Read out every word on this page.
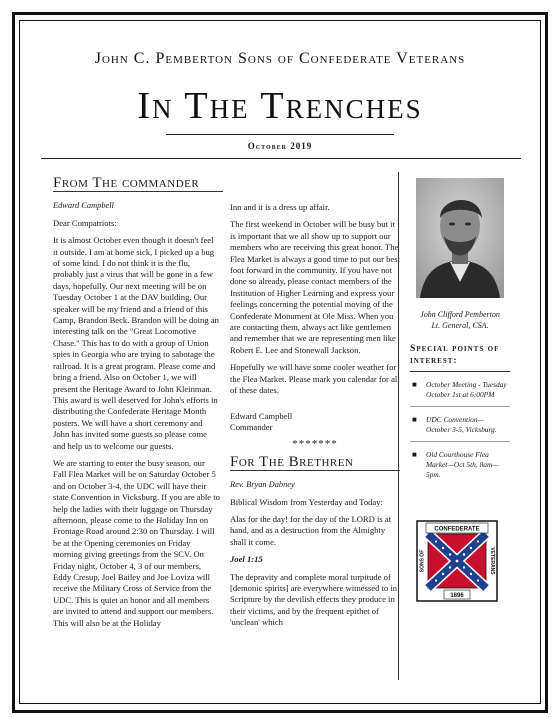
John C. Pemberton Sons of Confederate Veterans
In The Trenches
October 2019
From The commander

Edward Campbell

Dear Compatriots:

It is almost October even though it doesn't feel it outside. I am at home sick, I picked up a bug of some kind. I do not think it is the flu, probably just a virus that will be gone in a few days, hopefully. Our next meeting will be on Tuesday October 1 at the DAV building. Our speaker will be my friend and a friend of this Camp, Brandon Beck. Brandon will be doing an interesting talk on the "Great Locomotive Chase." This has to do with a group of Union spies in Georgia who are trying to sabotage the railroad. It is a great program. Please come and bring a friend. Also on October 1, we will present the Heritage Award to John Kleinman. This award is well deserved for John's efforts in distributing the Confederate Heritage Month posters. We will have a short ceremony and John has invited some guests so please come and help us to welcome our guests.

We are starting to enter the busy season, our Fall Flea Market will be on Saturday October 5 and on October 3-4, the UDC will have their state Convention in Vicksburg. If you are able to help the ladies with their luggage on Thursday afternoon, please come to the Holiday Inn on Frontage Road around 2:30 on Thursday. I will be at the Opening ceremonies on Friday morning giving greetings from the SCV. On Friday night, October 4, 3 of our members, Eddy Cresup, Joel Bailey and Joe Loviza will receive the Military Cross of Service from the UDC. This is quiet an honor and all members are invited to attend and support our members. This will also be at the Holiday

Inn and it is a dress up affair.

The first weekend in October will be busy but it is important that we all show up to support our members who are receiving this great honor. The Flea Market is always a good time to put our best foot forward in the community. If you have not done so already, please contact members of the Institution of Higher Learning and express your feelings concerning the potential moving of the Confederate Monument at Ole Miss. When you are contacting them, always act like gentlemen and remember that we are representing men like Robert E. Lee and Stonewall Jackson.

Hopefully we will have some cooler weather for the Flea Market. Please mark you calendar for all of these dates.

Edward Campbell

Commander

*******
For The Brethren

Rev. Bryan Dabney

Biblical Wisdom from Yesterday and Today:

Alas for the day! for the day of the LORD is at hand, and as a destruction from the Almighty shall it come.

Joel 1:15

The depravity and complete moral turpitude of [demonic spirits] are everywhere witnessed to in Scripture by the devilish effects they produce in their victims, and by the frequent epithet of 'unclean' which

John Clifford Pemberton
Lt. General, CSA.
Special points of interest:
■ October Meeting - Tuesday October 1st at 6:00PM
■ UDC Convention— October 3-5, Vicksburg.
■ Old Courthouse Flea Market—Oct 5th, 8am—5pm.
CONFEDERATE
SONS OF	VETERANS
1896
